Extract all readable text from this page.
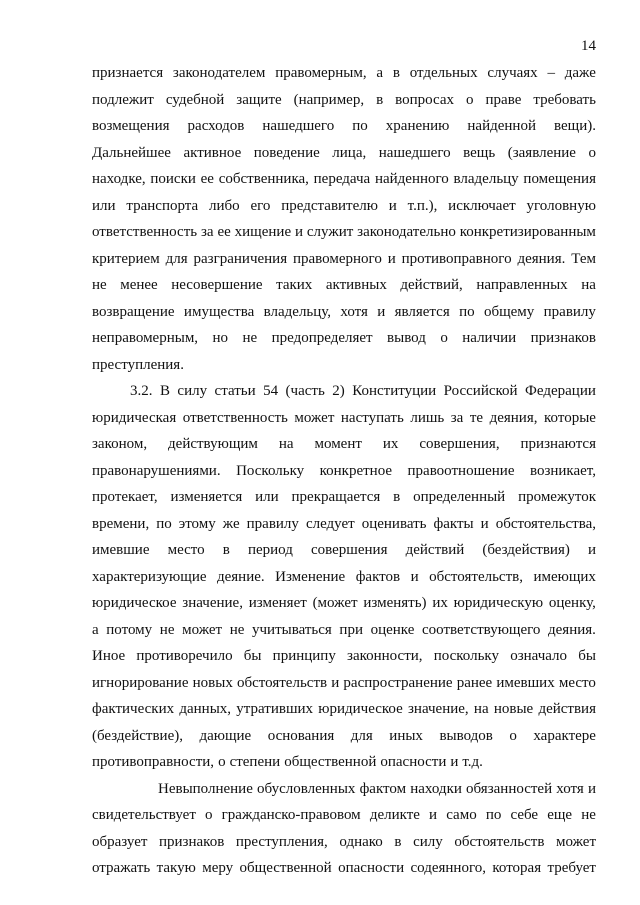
14
признается законодателем правомерным, а в отдельных случаях – даже
подлежит судебной защите (например, в вопросах о праве требовать
возмещения расходов нашедшего по хранению найденной вещи).
Дальнейшее активное поведение лица, нашедшего вещь (заявление о
находке, поиски ее собственника, передача найденного владельцу помещения
или транспорта либо его представителю и т.п.), исключает уголовную
ответственность за ее хищение и служит законодательно конкретизированным
критерием для разграничения правомерного и противоправного деяния. Тем
не менее несовершение таких активных действий, направленных на
возвращение имущества владельцу, хотя и является по общему правилу
неправомерным, но не предопределяет вывод о наличии признаков
преступления.
3.2. В силу статьи 54 (часть 2) Конституции Российской Федерации
юридическая ответственность может наступать лишь за те деяния, которые
законом, действующим на момент их совершения, признаются
правонарушениями. Поскольку конкретное правоотношение возникает,
протекает, изменяется или прекращается в определенный промежуток
времени, по этому же правилу следует оценивать факты и обстоятельства,
имевшие место в период совершения действий (бездействия) и
характеризующие деяние. Изменение фактов и обстоятельств, имеющих
юридическое значение, изменяет (может изменять) их юридическую оценку,
а потому не может не учитываться при оценке соответствующего деяния.
Иное противоречило бы принципу законности, поскольку означало бы
игнорирование новых обстоятельств и распространение ранее имевших место
фактических данных, утративших юридическое значение, на новые действия
(бездействие), дающие основания для иных выводов о характере
противоправности, о степени общественной опасности и т.д.
Невыполнение обусловленных фактом находки обязанностей хотя и
свидетельствует о гражданско-правовом деликте и само по себе еще не
образует признаков преступления, однако в силу обстоятельств может
отражать такую меру общественной опасности содеянного, которая требует
